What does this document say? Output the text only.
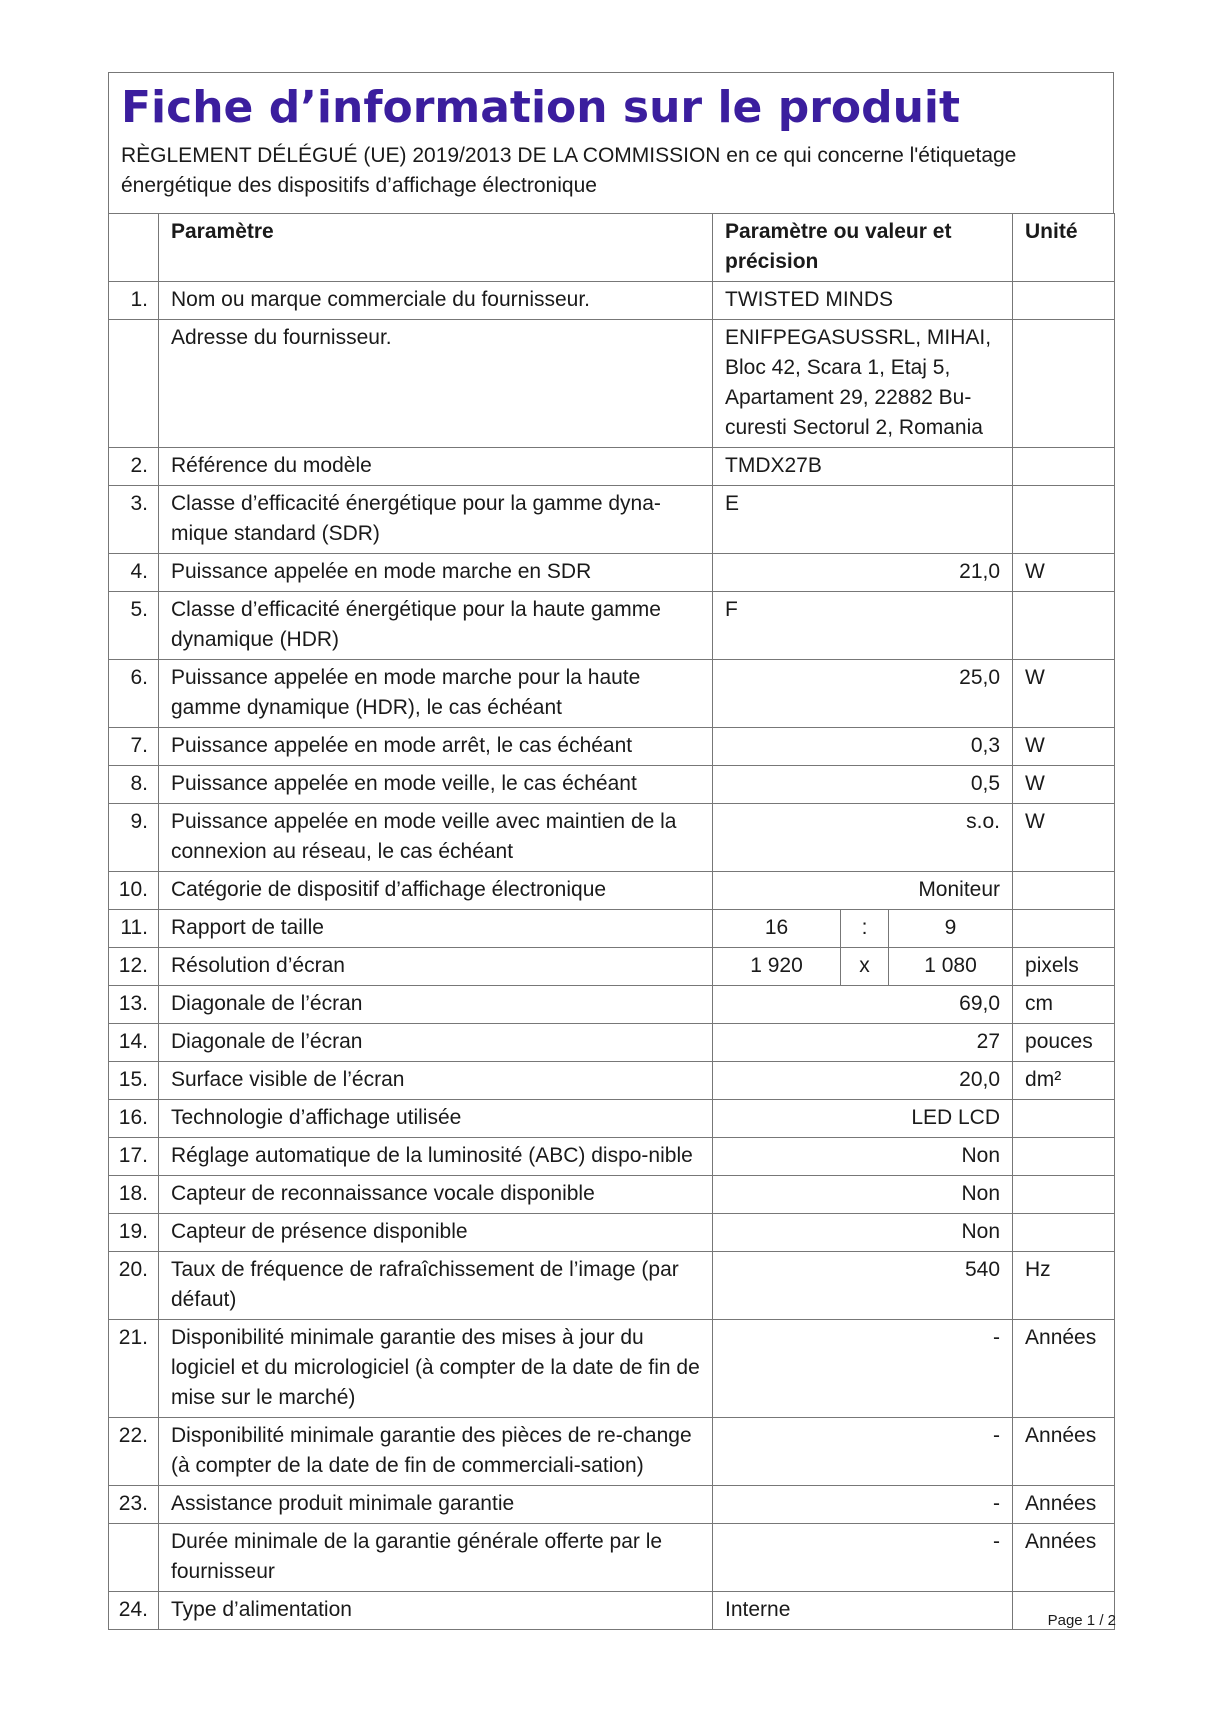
Fiche d’information sur le produit
RÈGLEMENT DÉLÉGUÉ (UE) 2019/2013 DE LA COMMISSION en ce qui concerne l'étiquetage énergétique des dispositifs d’affichage électronique
	Paramètre	Paramètre ou valeur et précision			Unité
1.	Nom ou marque commerciale du fournisseur.	TWISTED MINDS			
	Adresse du fournisseur.	ENIFPEGASUSSRL, MIHAI, Bloc 42, Scara 1, Etaj 5, Apartament 29, 22882 Bu-curesti Sectorul 2, Romania			
2.	Référence du modèle	TMDX27B			
3.	Classe d’efficacité énergétique pour la gamme dyna-mique standard (SDR)	E			
4.	Puissance appelée en mode marche en SDR	21,0			W
5.	Classe d’efficacité énergétique pour la haute gamme dynamique (HDR)	F			
6.	Puissance appelée en mode marche pour la haute gamme dynamique (HDR), le cas échéant	25,0			W
7.	Puissance appelée en mode arrêt, le cas échéant	0,3			W
8.	Puissance appelée en mode veille, le cas échéant	0,5			W
9.	Puissance appelée en mode veille avec maintien de la connexion au réseau, le cas échéant	s.o.			W
10.	Catégorie de dispositif d’affichage électronique	Moniteur			
11.	Rapport de taille	16	:	9	
12.	Résolution d’écran	1 920	x	1 080	pixels
13.	Diagonale de l’écran	69,0			cm
14.	Diagonale de l’écran	27			pouces
15.	Surface visible de l’écran	20,0			dm²
16.	Technologie d’affichage utilisée	LED LCD			
17.	Réglage automatique de la luminosité (ABC) dispo-nible	Non			
18.	Capteur de reconnaissance vocale disponible	Non			
19.	Capteur de présence disponible	Non			
20.	Taux de fréquence de rafraîchissement de l’image (par défaut)	540			Hz
21.	Disponibilité minimale garantie des mises à jour du logiciel et du micrologiciel (à compter de la date de fin de mise sur le marché)	-			Années
22.	Disponibilité minimale garantie des pièces de re-change (à compter de la date de fin de commerciali-sation)	-			Années
23.	Assistance produit minimale garantie	-			Années
	Durée minimale de la garantie générale offerte par le fournisseur	-			Années
24.	Type d’alimentation	Interne				Page 1 / 2
